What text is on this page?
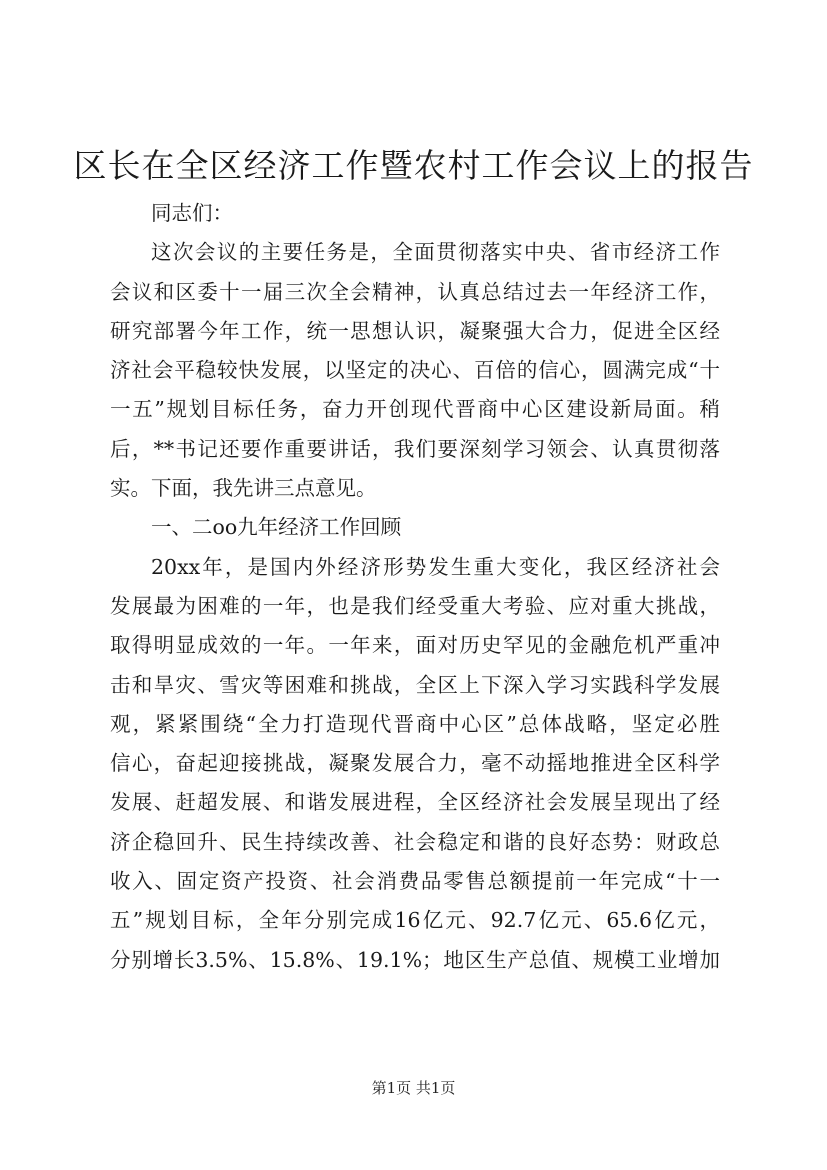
区长在全区经济工作暨农村工作会议上的报告
同志们：
这次会议的主要任务是，全面贯彻落实中央、省市经济工作
会议和区委十一届三次全会精神，认真总结过去一年经济工作，
研究部署今年工作，统一思想认识，凝聚强大合力，促进全区经
济社会平稳较快发展，以坚定的决心、百倍的信心，圆满完成“十
一五”规划目标任务，奋力开创现代晋商中心区建设新局面。稍
后，**书记还要作重要讲话，我们要深刻学习领会、认真贯彻落
实。下面，我先讲三点意见。
一、二oo九年经济工作回顾
20xx年，是国内外经济形势发生重大变化，我区经济社会
发展最为困难的一年，也是我们经受重大考验、应对重大挑战，
取得明显成效的一年。一年来，面对历史罕见的金融危机严重冲
击和旱灾、雪灾等困难和挑战，全区上下深入学习实践科学发展
观，紧紧围绕“全力打造现代晋商中心区”总体战略，坚定必胜
信心，奋起迎接挑战，凝聚发展合力，毫不动摇地推进全区科学
发展、赶超发展、和谐发展进程，全区经济社会发展呈现出了经
济企稳回升、民生持续改善、社会稳定和谐的良好态势：财政总
收入、固定资产投资、社会消费品零售总额提前一年完成“十一
五”规划目标，全年分别完成16亿元、92.7亿元、65.6亿元，
分别增长3.5%、15.8%、19.1%；地区生产总值、规模工业增加
第1页 共1页
